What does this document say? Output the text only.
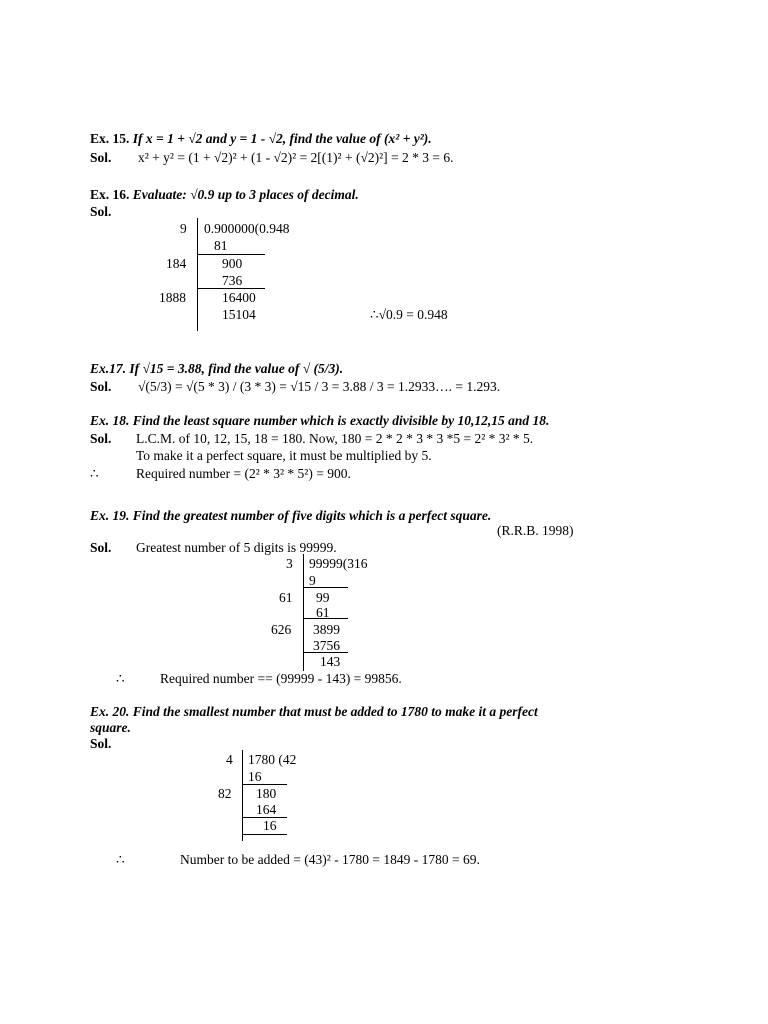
Ex. 15. If x = 1 + √2 and y = 1 - √2, find the value of (x² + y²).
Sol. x² + y² = (1 + √2)² + (1 - √2)² = 2[(1)² + (√2)²] = 2 * 3 = 6.
Ex. 16. Evaluate: √0.9 up to 3 places of decimal.
Sol.
9 0.900000(0.948
81
184	900
736
1888	16400
15104	∴√0.9 = 0.948
Ex.17. If √15 = 3.88, find the value of √ (5/3).
Sol. √(5/3) = √(5 * 3) / (3 * 3) = √15 / 3 = 3.88 / 3 = 1.2933…. = 1.293.
Ex. 18. Find the least square number which is exactly divisible by 10,12,15 and 18.
Sol. L.C.M. of 10, 12, 15, 18 = 180. Now, 180 = 2 * 2 * 3 * 3 *5 = 2² * 3² * 5.
To make it a perfect square, it must be multiplied by 5.
∴	Required number = (2² * 3² * 5²) = 900.
Ex. 19. Find the greatest number of five digits which is a perfect square.
(R.R.B. 1998)
Sol. Greatest number of 5 digits is 99999.
3 99999(316
9
61 99
61
626 3899
3756
143
∴	Required number == (99999 - 143) = 99856.
Ex. 20. Find the smallest number that must be added to 1780 to make it a perfect
square.
Sol.
4 1780 (42
16
82 180
164
16
∴	Number to be added = (43)² - 1780 = 1849 - 1780 = 69.
